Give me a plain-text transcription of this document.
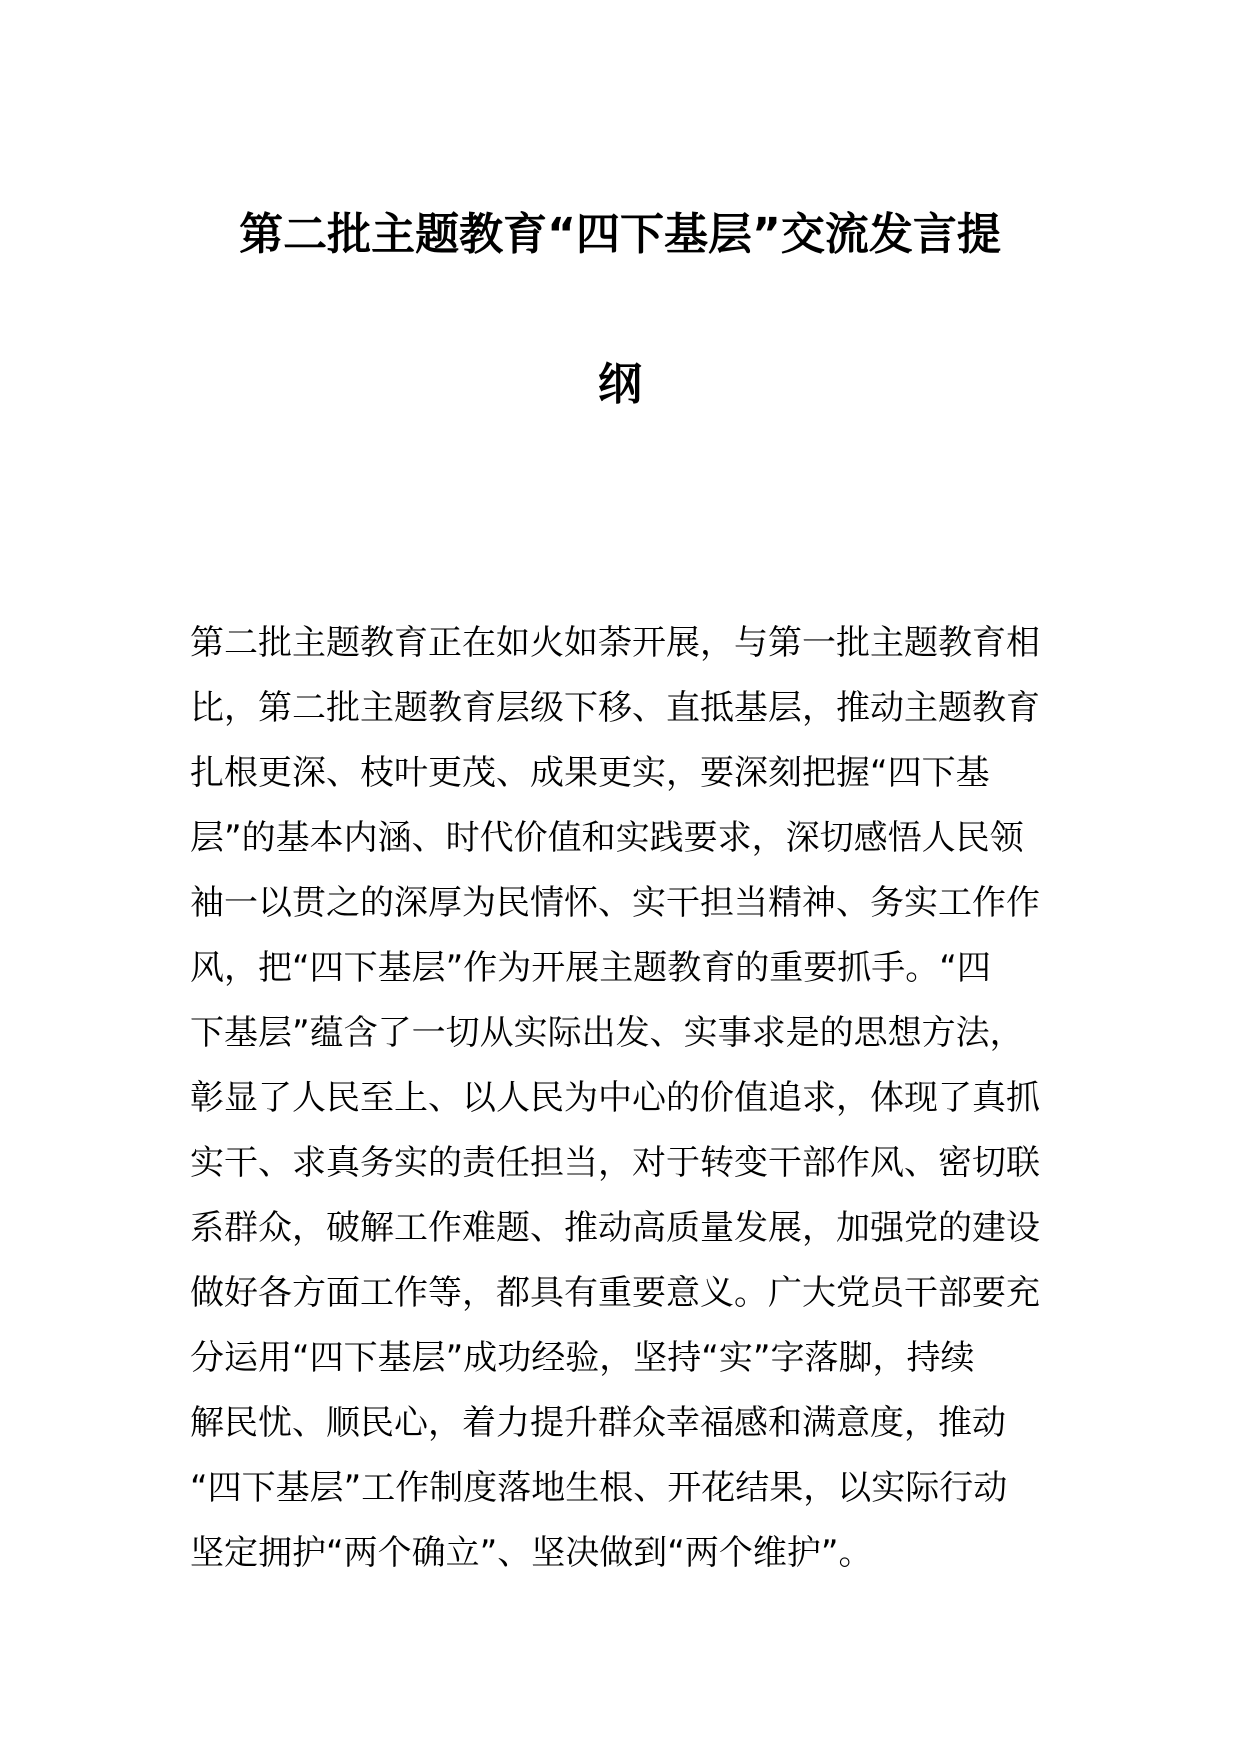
第二批主题教育“四下基层”交流发言提
纲
第二批主题教育正在如火如荼开展，与第一批主题教育相
比，第二批主题教育层级下移、直抵基层，推动主题教育
扎根更深、枝叶更茂、成果更实，要深刻把握“四下基
层”的基本内涵、时代价值和实践要求，深切感悟人民领
袖一以贯之的深厚为民情怀、实干担当精神、务实工作作
风，把“四下基层”作为开展主题教育的重要抓手。“四
下基层”蕴含了一切从实际出发、实事求是的思想方法，
彰显了人民至上、以人民为中心的价值追求，体现了真抓
实干、求真务实的责任担当，对于转变干部作风、密切联
系群众，破解工作难题、推动高质量发展，加强党的建设
做好各方面工作等，都具有重要意义。广大党员干部要充
分运用“四下基层”成功经验，坚持“实”字落脚，持续
解民忧、顺民心，着力提升群众幸福感和满意度，推动
“四下基层”工作制度落地生根、开花结果，以实际行动
坚定拥护“两个确立”、坚决做到“两个维护”。
